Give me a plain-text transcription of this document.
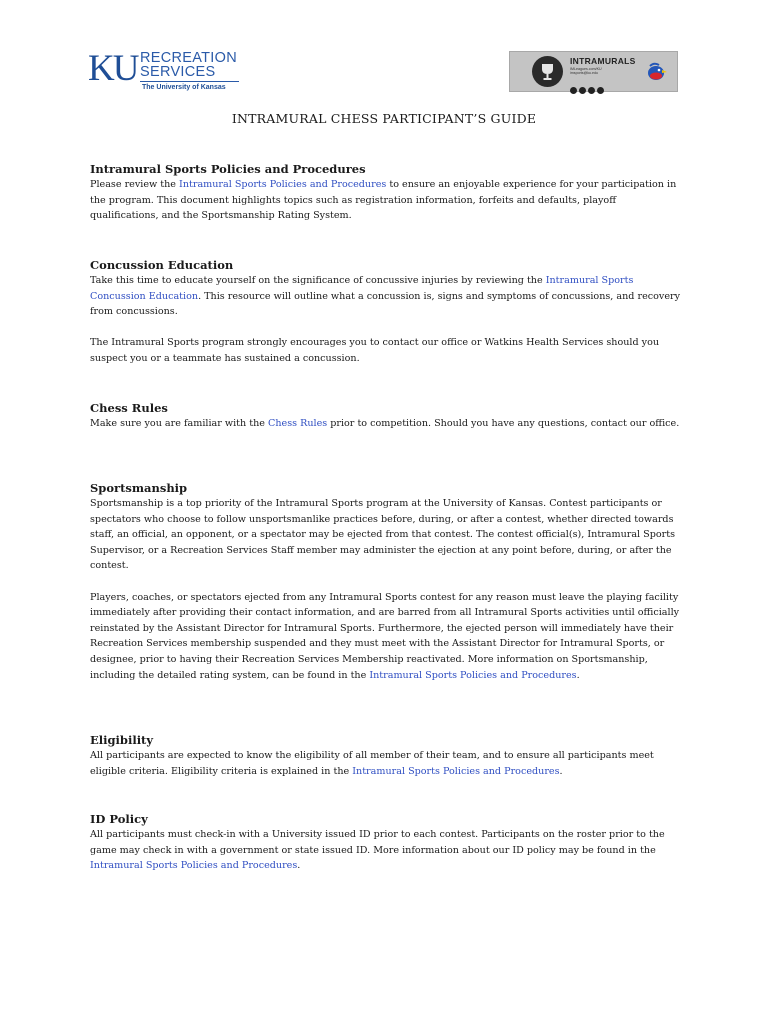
KU RECREATION
SERVICES
The University of Kansas
INTRAMURALS
IMLeagues.com/KU
imsports@ku.edu
INTRAMURAL CHESS PARTICIPANT’S GUIDE

Intramural Sports Policies and Procedures

Please review the Intramural Sports Policies and Procedures to ensure an enjoyable experience for your participation in the program. This document highlights topics such as registration information, forfeits and defaults, playoff qualifications, and the Sportsmanship Rating System.

Concussion Education

Take this time to educate yourself on the significance of concussive injuries by reviewing the Intramural Sports Concussion Education. This resource will outline what a concussion is, signs and symptoms of concussions, and recovery from concussions.

The Intramural Sports program strongly encourages you to contact our office or Watkins Health Services should you suspect you or a teammate has sustained a concussion.

Chess Rules

Make sure you are familiar with the Chess Rules prior to competition. Should you have any questions, contact our office.

Sportsmanship

Sportsmanship is a top priority of the Intramural Sports program at the University of Kansas. Contest participants or spectators who choose to follow unsportsmanlike practices before, during, or after a contest, whether directed towards staff, an official, an opponent, or a spectator may be ejected from that contest. The contest official(s), Intramural Sports Supervisor, or a Recreation Services Staff member may administer the ejection at any point before, during, or after the contest.

Players, coaches, or spectators ejected from any Intramural Sports contest for any reason must leave the playing facility immediately after providing their contact information, and are barred from all Intramural Sports activities until officially reinstated by the Assistant Director for Intramural Sports. Furthermore, the ejected person will immediately have their Recreation Services membership suspended and they must meet with the Assistant Director for Intramural Sports, or designee, prior to having their Recreation Services Membership reactivated. More information on Sportsmanship, including the detailed rating system, can be found in the Intramural Sports Policies and Procedures.

Eligibility

All participants are expected to know the eligibility of all member of their team, and to ensure all participants meet eligible criteria. Eligibility criteria is explained in the Intramural Sports Policies and Procedures.

ID Policy

All participants must check-in with a University issued ID prior to each contest. Participants on the roster prior to the game may check in with a government or state issued ID. More information about our ID policy may be found in the Intramural Sports Policies and Procedures.
